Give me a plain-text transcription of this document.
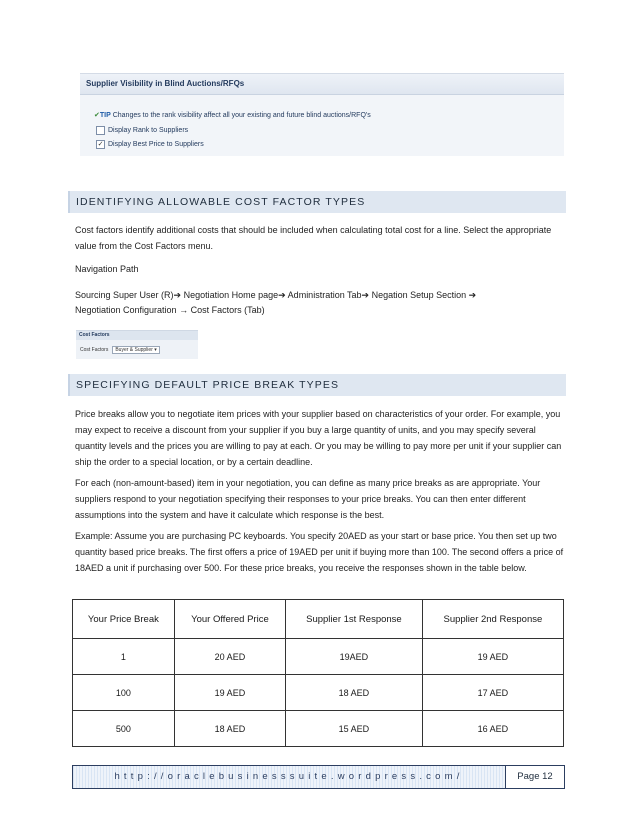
Supplier Visibility in Blind Auctions/RFQs
✔TIP Changes to the rank visibility affect all your existing and future blind auctions/RFQ's
Display Rank to Suppliers
✓ Display Best Price to Suppliers
IDENTIFYING ALLOWABLE COST FACTOR TYPES
Cost factors identify additional costs that should be included when calculating total cost for a line. Select the appropriate value from the Cost Factors menu.
Navigation Path
Sourcing Super User (R)➔ Negotiation Home page➔ Administration Tab➔ Negation Setup Section ➔
Negotiation Configuration → Cost Factors (Tab)
Cost Factors
Cost Factors	Buyer & Supplier ▾
SPECIFYING DEFAULT PRICE BREAK TYPES
Price breaks allow you to negotiate item prices with your supplier based on characteristics of your order. For example, you may expect to receive a discount from your supplier if you buy a large quantity of units, and you may specify several quantity levels and the prices you are willing to pay at each. Or you may be willing to pay more per unit if your supplier can ship the order to a special location, or by a certain deadline.
For each (non-amount-based) item in your negotiation, you can define as many price breaks as are appropriate. Your suppliers respond to your negotiation specifying their responses to your price breaks. You can then enter different assumptions into the system and have it calculate which response is the best.
Example: Assume you are purchasing PC keyboards. You specify 20AED as your start or base price. You then set up two quantity based price breaks. The first offers a price of 19AED per unit if buying more than 100. The second offers a price of 18AED a unit if purchasing over 500. For these price breaks, you receive the responses shown in the table below.
Your Price Break	Your Offered Price	Supplier 1st Response	Supplier 2nd Response
1	20 AED	19AED	19 AED
100	19 AED	18 AED	17 AED
500	18 AED	15 AED	16 AED
http://oraclebusinesssuite.wordpress.com/	Page 12
